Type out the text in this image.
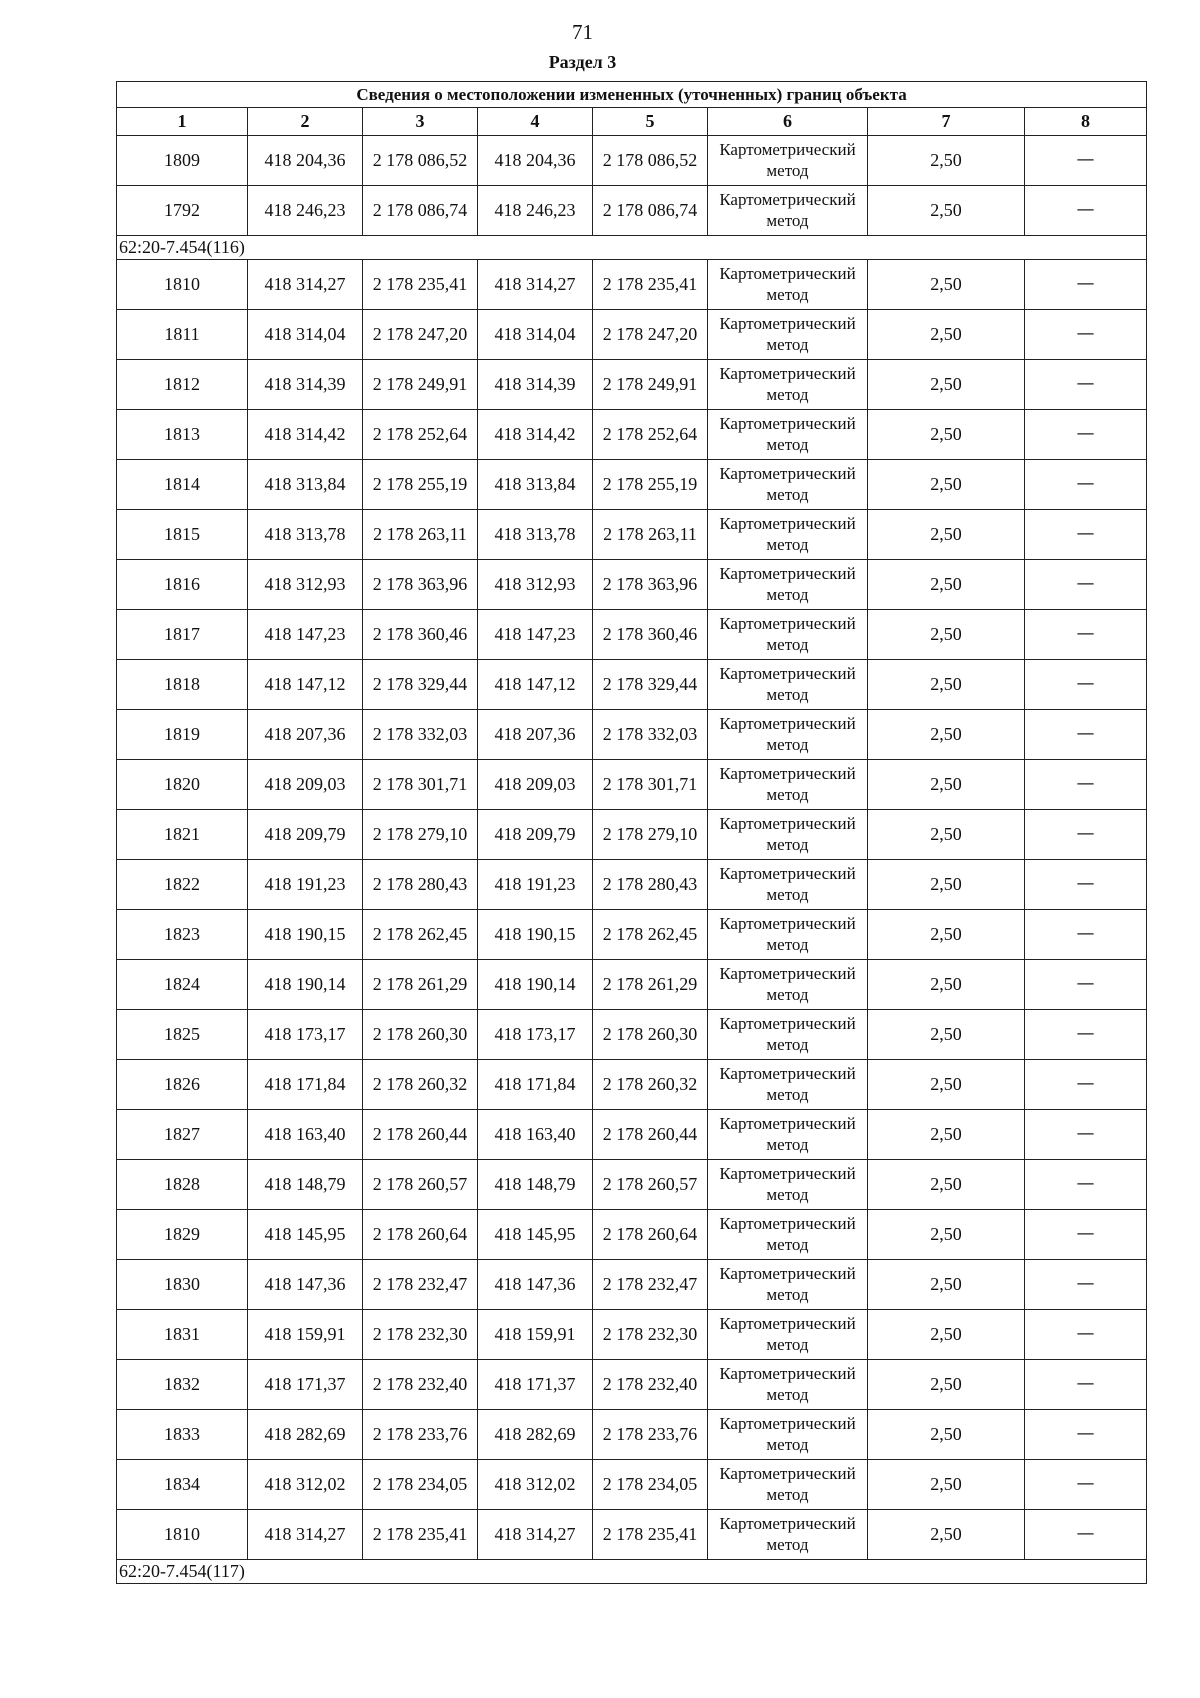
71
Раздел 3
Сведения о местоположении измененных (уточненных) границ объекта							
1	2	3	4	5	6	7	8
1809	418 204,36	2 178 086,52	418 204,36	2 178 086,52	Картометрический метод	2,50	—
1792	418 246,23	2 178 086,74	418 246,23	2 178 086,74	Картометрический метод	2,50	—
62:20-7.454(116)							
1810	418 314,27	2 178 235,41	418 314,27	2 178 235,41	Картометрический метод	2,50	—
1811	418 314,04	2 178 247,20	418 314,04	2 178 247,20	Картометрический метод	2,50	—
1812	418 314,39	2 178 249,91	418 314,39	2 178 249,91	Картометрический метод	2,50	—
1813	418 314,42	2 178 252,64	418 314,42	2 178 252,64	Картометрический метод	2,50	—
1814	418 313,84	2 178 255,19	418 313,84	2 178 255,19	Картометрический метод	2,50	—
1815	418 313,78	2 178 263,11	418 313,78	2 178 263,11	Картометрический метод	2,50	—
1816	418 312,93	2 178 363,96	418 312,93	2 178 363,96	Картометрический метод	2,50	—
1817	418 147,23	2 178 360,46	418 147,23	2 178 360,46	Картометрический метод	2,50	—
1818	418 147,12	2 178 329,44	418 147,12	2 178 329,44	Картометрический метод	2,50	—
1819	418 207,36	2 178 332,03	418 207,36	2 178 332,03	Картометрический метод	2,50	—
1820	418 209,03	2 178 301,71	418 209,03	2 178 301,71	Картометрический метод	2,50	—
1821	418 209,79	2 178 279,10	418 209,79	2 178 279,10	Картометрический метод	2,50	—
1822	418 191,23	2 178 280,43	418 191,23	2 178 280,43	Картометрический метод	2,50	—
1823	418 190,15	2 178 262,45	418 190,15	2 178 262,45	Картометрический метод	2,50	—
1824	418 190,14	2 178 261,29	418 190,14	2 178 261,29	Картометрический метод	2,50	—
1825	418 173,17	2 178 260,30	418 173,17	2 178 260,30	Картометрический метод	2,50	—
1826	418 171,84	2 178 260,32	418 171,84	2 178 260,32	Картометрический метод	2,50	—
1827	418 163,40	2 178 260,44	418 163,40	2 178 260,44	Картометрический метод	2,50	—
1828	418 148,79	2 178 260,57	418 148,79	2 178 260,57	Картометрический метод	2,50	—
1829	418 145,95	2 178 260,64	418 145,95	2 178 260,64	Картометрический метод	2,50	—
1830	418 147,36	2 178 232,47	418 147,36	2 178 232,47	Картометрический метод	2,50	—
1831	418 159,91	2 178 232,30	418 159,91	2 178 232,30	Картометрический метод	2,50	—
1832	418 171,37	2 178 232,40	418 171,37	2 178 232,40	Картометрический метод	2,50	—
1833	418 282,69	2 178 233,76	418 282,69	2 178 233,76	Картометрический метод	2,50	—
1834	418 312,02	2 178 234,05	418 312,02	2 178 234,05	Картометрический метод	2,50	—
1810	418 314,27	2 178 235,41	418 314,27	2 178 235,41	Картометрический метод	2,50	—
62:20-7.454(117)							
